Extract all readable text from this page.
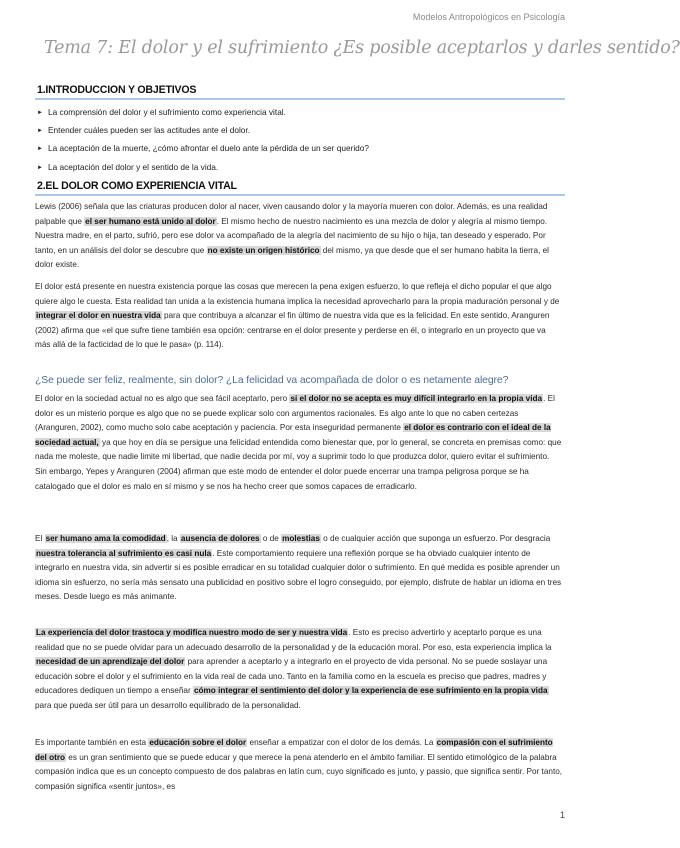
Modelos Antropológicos en Psicología
Tema 7: El dolor y el sufrimiento ¿Es posible aceptarlos y darles sentido?
1.INTRODUCCION Y OBJETIVOS
► La comprensión del dolor y el sufrimiento como experiencia vital.
► Entender cuáles pueden ser las actitudes ante el dolor.
► La aceptación de la muerte, ¿cómo afrontar el duelo ante la pérdida de un ser querido?
► La aceptación del dolor y el sentido de la vida.
2.EL DOLOR COMO EXPERIENCIA VITAL

Lewis (2006) señala que las criaturas producen dolor al nacer, viven causando dolor y la mayoría mueren con dolor. Además, es una realidad palpable que el ser humano está unido al dolor. El mismo hecho de nuestro nacimiento es una mezcla de dolor y alegría al mismo tiempo. Nuestra madre, en el parto, sufrió, pero ese dolor va acompañado de la alegría del nacimiento de su hijo o hija, tan deseado y esperado. Por tanto, en un análisis del dolor se descubre que no existe un origen histórico del mismo, ya que desde que el ser humano habita la tierra, el dolor existe.

El dolor está presente en nuestra existencia porque las cosas que merecen la pena exigen esfuerzo, lo que refleja el dicho popular el que algo quiere algo le cuesta. Esta realidad tan unida a la existencia humana implica la necesidad aprovecharlo para la propia maduración personal y de integrar el dolor en nuestra vida para que contribuya a alcanzar el fin último de nuestra vida que es la felicidad. En este sentido, Aranguren (2002) afirma que «el que sufre tiene también esa opción: centrarse en el dolor presente y perderse en él, o integrarlo en un proyecto que va más allá de la facticidad de lo que le pasa» (p. 114).

¿Se puede ser feliz, realmente, sin dolor? ¿La felicidad va acompañada de dolor o es netamente alegre?

El dolor en la sociedad actual no es algo que sea fácil aceptarlo, pero si el dolor no se acepta es muy difícil integrarlo en la propia vida. El dolor es un misterio porque es algo que no se puede explicar solo con argumentos racionales. Es algo ante lo que no caben certezas (Aranguren, 2002), como mucho solo cabe aceptación y paciencia. Por esta inseguridad permanente el dolor es contrario con el ideal de la sociedad actual, ya que hoy en día se persigue una felicidad entendida como bienestar que, por lo general, se concreta en premisas como: que nada me moleste, que nadie limite mi libertad, que nadie decida por mí, voy a suprimir todo lo que produzca dolor, quiero evitar el sufrimiento. Sin embargo, Yepes y Aranguren (2004) afirman que este modo de entender el dolor puede encerrar una trampa peligrosa porque se ha catalogado que el dolor es malo en sí mismo y se nos ha hecho creer que somos capaces de erradicarlo.

El ser humano ama la comodidad, la ausencia de dolores o de molestias o de cualquier acción que suponga un esfuerzo. Por desgracia nuestra tolerancia al sufrimiento es casi nula. Este comportamiento requiere una reflexión porque se ha obviado cualquier intento de integrarlo en nuestra vida, sin advertir si es posible erradicar en su totalidad cualquier dolor o sufrimiento. En qué medida es posible aprender un idioma sin esfuerzo, no sería más sensato una publicidad en positivo sobre el logro conseguido, por ejemplo, disfrute de hablar un idioma en tres meses. Desde luego es más animante.

La experiencia del dolor trastoca y modifica nuestro modo de ser y nuestra vida. Esto es preciso advertirlo y aceptarlo porque es una realidad que no se puede olvidar para un adecuado desarrollo de la personalidad y de la educación moral. Por eso, esta experiencia implica la necesidad de un aprendizaje del dolor para aprender a aceptarlo y a integrarlo en el proyecto de vida personal. No se puede soslayar una educación sobre el dolor y el sufrimiento en la vida real de cada uno. Tanto en la familia como en la escuela es preciso que padres, madres y educadores dediquen un tiempo a enseñar cómo integrar el sentimiento del dolor y la experiencia de ese sufrimiento en la propia vida para que pueda ser útil para un desarrollo equilibrado de la personalidad.

Es importante también en esta educación sobre el dolor enseñar a empatizar con el dolor de los demás. La compasión con el sufrimiento del otro es un gran sentimiento que se puede educar y que merece la pena atenderlo en el ámbito familiar. El sentido etimológico de la palabra compasión indica que es un concepto compuesto de dos palabras en latín cum, cuyo significado es junto, y passio, que significa sentir. Por tanto, compasión significa «sentir juntos», es

1
